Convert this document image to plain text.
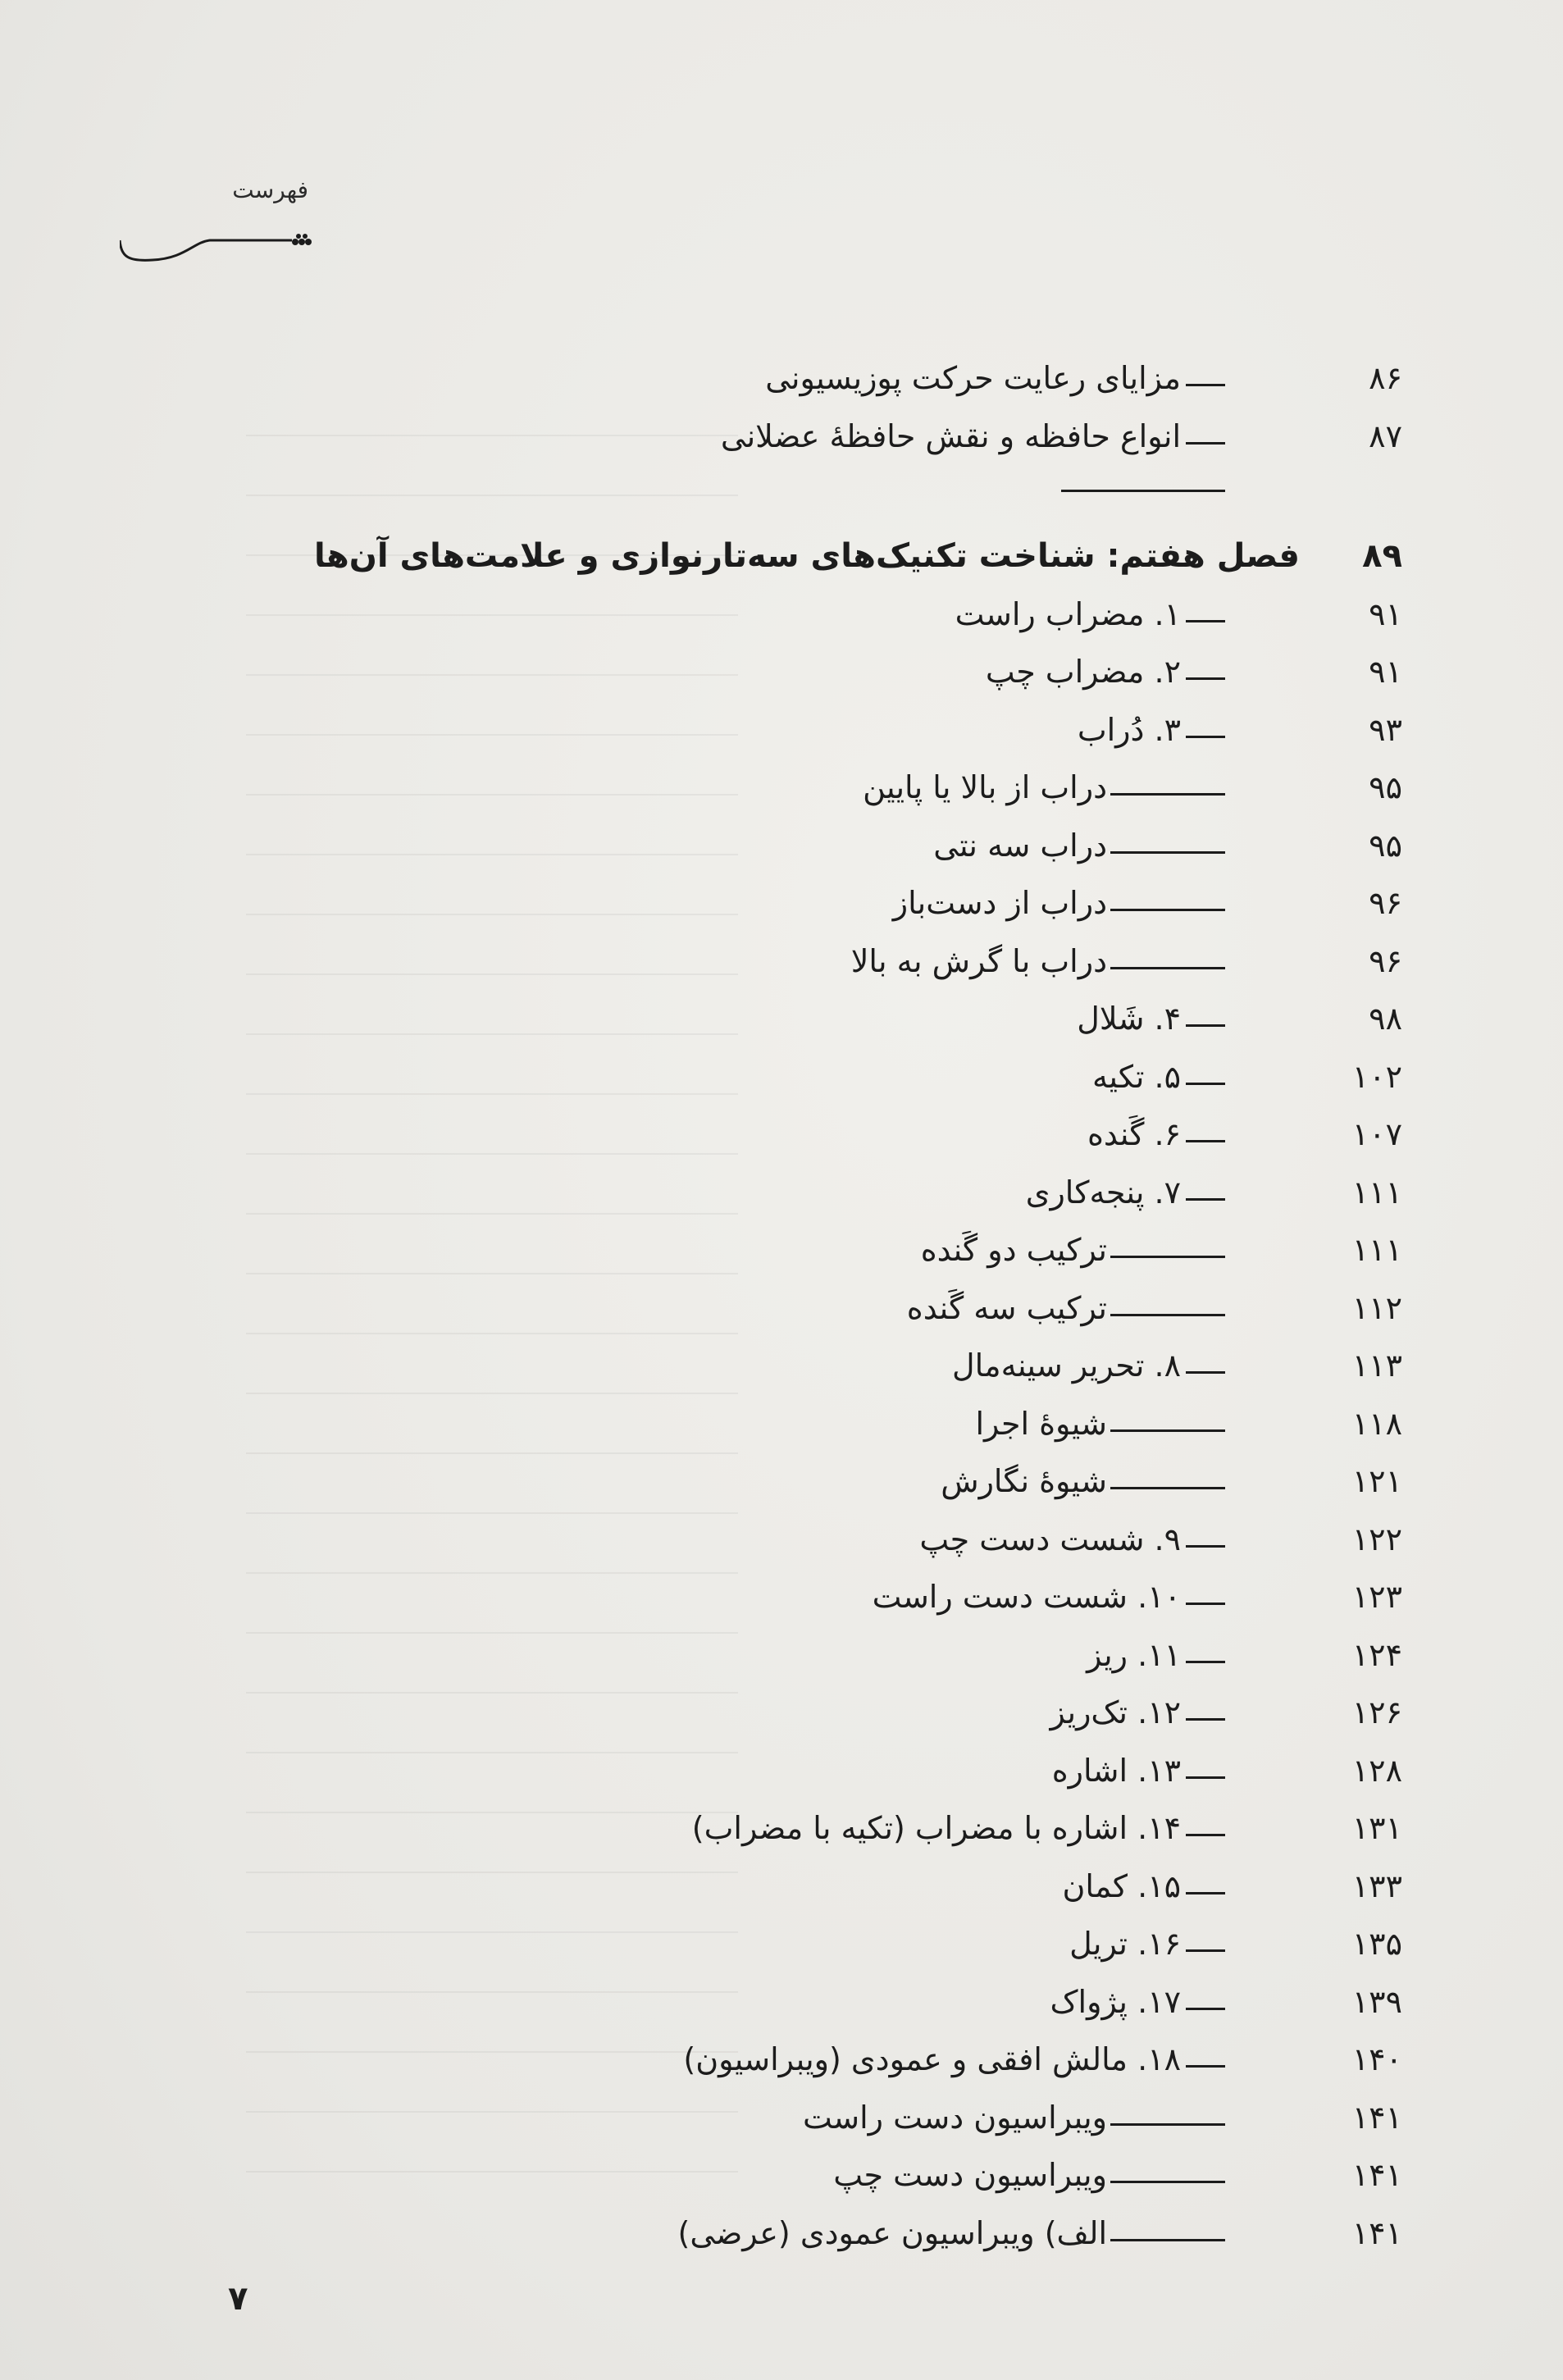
فهرست
۸۶
مزایای رعایت حرکت پوزیسیونی
۸۷
انواع حافظه و نقش حافظهٔ عضلانی
۸۹
فصل هفتم: شناخت تکنیک‌های سه‌تارنوازی و علامت‌های آن‌ها
۹۱
۱. مضراب راست
۹۱
۲. مضراب چپ
۹۳
۳. دُراب
۹۵
دراب از بالا یا پایین
۹۵
دراب سه نتی
۹۶
دراب از دست‌باز
۹۶
دراب با گرش به بالا
۹۸
۴. شَلال
۱۰۲
۵. تکیه
۱۰۷
۶. گَنده
۱۱۱
۷. پنجه‌کاری
۱۱۱
ترکیب دو گَنده
۱۱۲
ترکیب سه گَنده
۱۱۳
۸. تحریر سینه‌مال
۱۱۸
شیوهٔ اجرا
۱۲۱
شیوهٔ نگارش
۱۲۲
۹. شست دست چپ
۱۲۳
۱۰. شست دست راست
۱۲۴
۱۱. ریز
۱۲۶
۱۲. تک‌ریز
۱۲۸
۱۳. اشاره
۱۳۱
۱۴. اشاره با مضراب (تکیه با مضراب)
۱۳۳
۱۵. کمان
۱۳۵
۱۶. تریل
۱۳۹
۱۷. پژواک
۱۴۰
۱۸. مالش افقی و عمودی (ویبراسیون)
۱۴۱
ویبراسیون دست راست
۱۴۱
ویبراسیون دست چپ
۱۴۱
الف) ویبراسیون عمودی (عرضی)
۷
